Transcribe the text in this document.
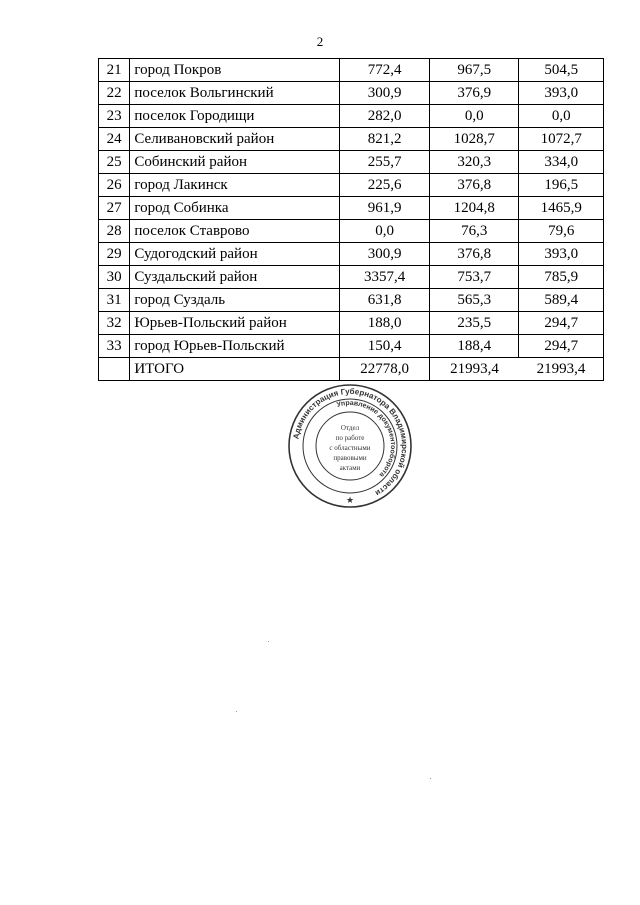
2
21	город Покров	772,4	967,5	504,5
22	поселок Вольгинский	300,9	376,9	393,0
23	поселок Городищи	282,0	0,0	0,0
24	Селивановский район	821,2	1028,7	1072,7
25	Собинский район	255,7	320,3	334,0
26	город Лакинск	225,6	376,8	196,5
27	город Собинка	961,9	1204,8	1465,9
28	поселок Ставрово	0,0	76,3	79,6
29	Судогодский район	300,9	376,8	393,0
30	Суздальский район	3357,4	753,7	785,9
31	город Суздаль	631,8	565,3	589,4
32	Юрьев-Польский район	188,0	235,5	294,7
33	город Юрьев-Польский	150,4	188,4	294,7
	ИТОГО	22778,0	21993,4	21993,4
Администрация Губернатора Владимирской области
Управление документооборота
Отдел
по работе
с областными
правовыми
актами
★
